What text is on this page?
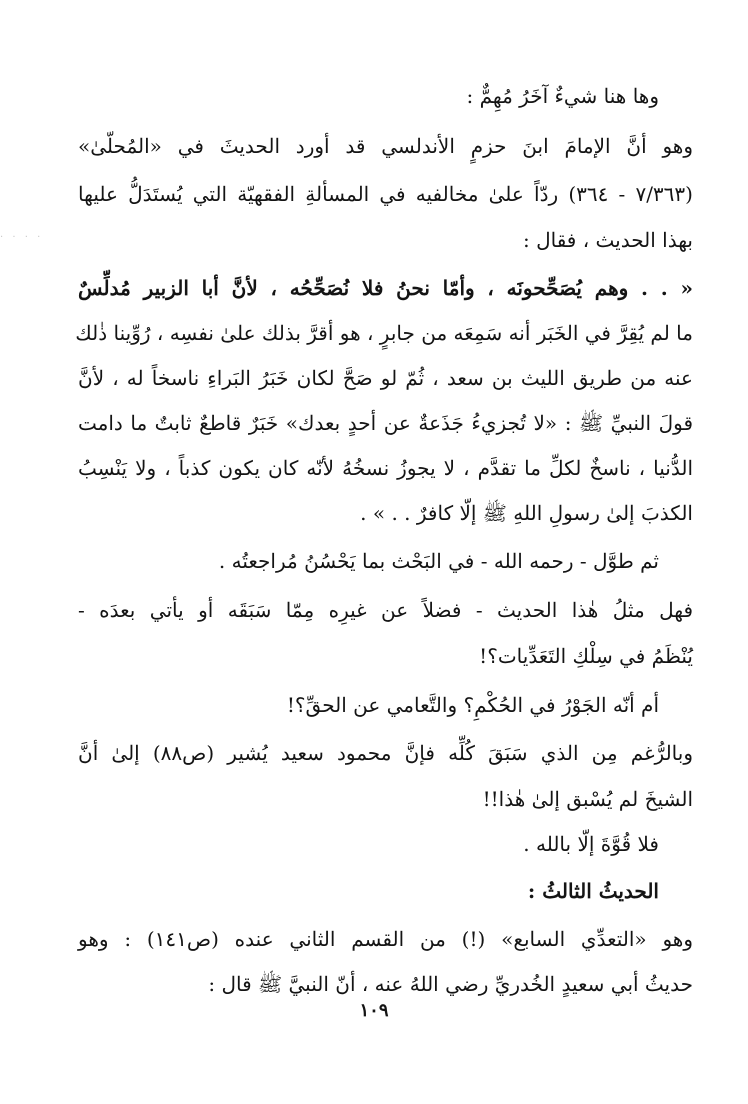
· · · ·
وها هنا شيءٌ آخَرُ مُهِمٌّ :
وهو أنَّ الإمامَ ابنَ حزمٍ الأندلسي قد أورد الحديثَ في «المُحلّىٰ»
(٧/٣٦٣ - ٣٦٤) ردّاً علىٰ مخالفيه في المسألةِ الفقهيّة التي يُستَدَلُّ عليها
بهذا الحديث ، فقال :
« . . وهم يُصَحِّحونَه ، وأمّا نحنُ فلا نُصَحِّحُه ، لأنَّ أبا الزبير مُدلِّسٌ
ما لم يُقِرَّ في الخَبَر أنه سَمِعَه من جابرٍ ، هو أقرَّ بذلك علىٰ نفسِه ، رُوِّينا ذٰلك
عنه من طريق الليث بن سعد ، ثُمّ لو صَحَّ لكان خَبَرُ البَراءِ ناسخاً له ، لأنَّ
قولَ النبيِّ ﷺ : «لا تُجزيءُ جَذَعةٌ عن أحدٍ بعدك» خَبَرٌ قاطعٌ ثابتٌ ما دامت
الدُّنيا ، ناسخٌ لكلِّ ما تقدَّم ، لا يجوزُ نسخُهُ لأنّه كان يكون كذباً ، ولا يَنْسِبُ
الكذبَ إلىٰ رسولِ اللهِ ﷺ إلّا كافرٌ . . » .
ثم طوَّل - رحمه الله - في البَحْث بما يَحْسُنُ مُراجعتُه .
فهل مثلُ هٰذا الحديث - فضلاً عن غيرِه مِمّا سَبَقَه أو يأتي بعدَه -
يُنْظَمُ في سِلْكِ التَعَدِّيات؟!
أم أنّه الجَوْرُ في الحُكْمِ؟ والتَّعامي عن الحقِّ؟!
وبالرُّغم مِن الذي سَبَقَ كُلِّه فإنَّ محمود سعيد يُشير (ص٨٨) إلىٰ أنَّ
الشيخَ لم يُسْبق إلىٰ هٰذا!!
فلا قُوَّةَ إلّا بالله .
الحديثُ الثالثُ :
وهو «التعدِّي السابع» (!) من القسم الثاني عنده (ص١٤١) : وهو
حديثُ أبي سعيدٍ الخُدريِّ رضي اللهُ عنه ، أنّ النبيَّ ﷺ قال :
١٠٩
